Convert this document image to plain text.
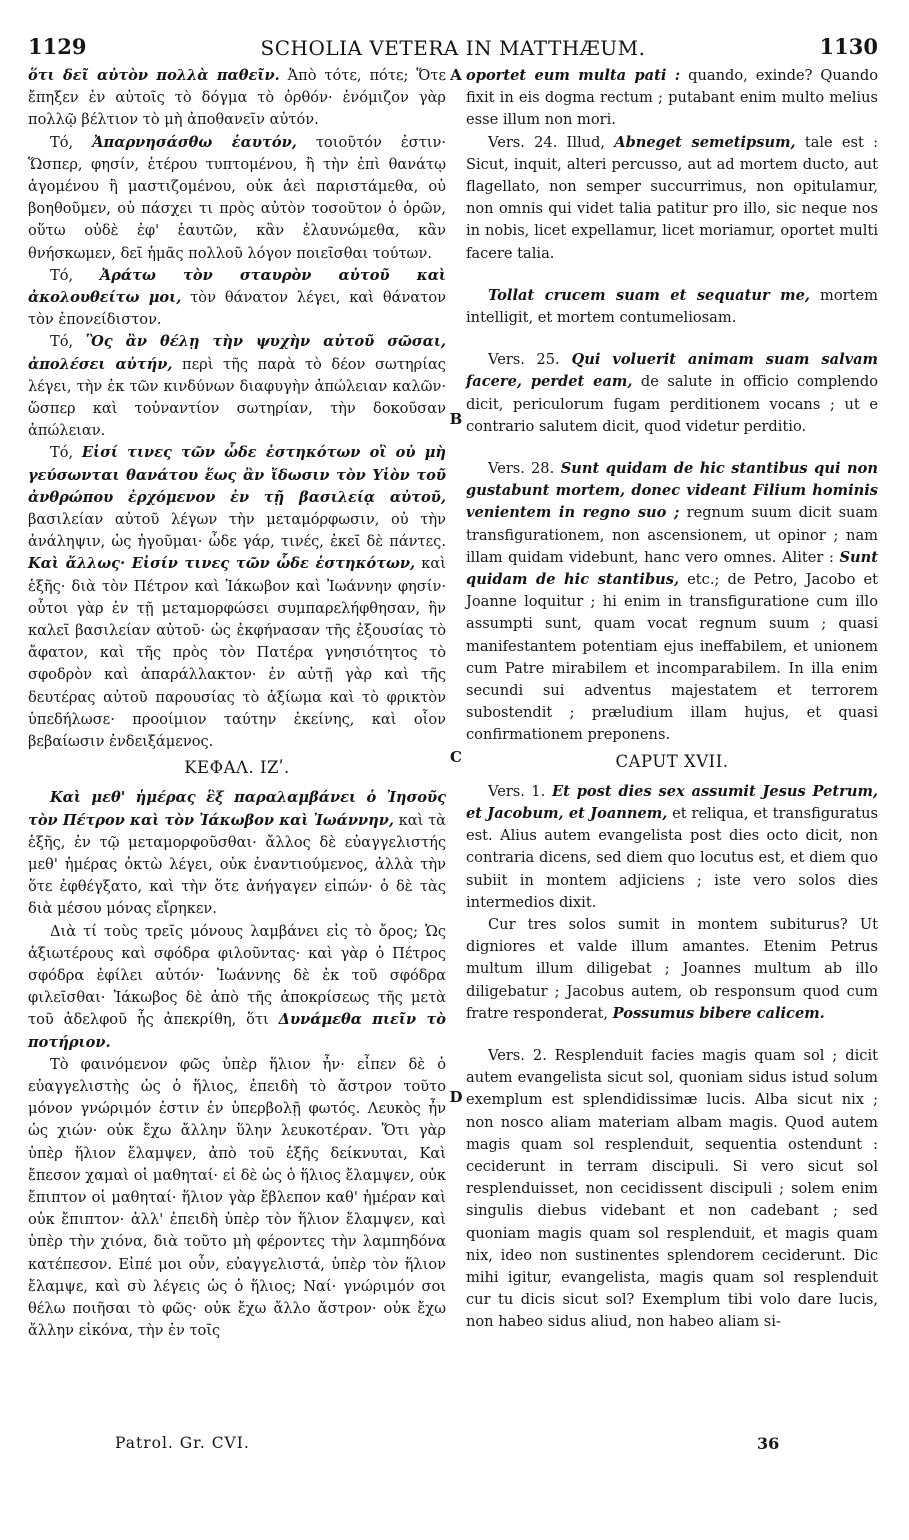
1129	SCHOLIA VETERA IN MATTHÆUM.	1130

ὅτι δεῖ αὐτὸν πολλὰ παθεῖν. Ἀπὸ τότε, πότε; Ὅτε ἔπηξεν ἐν αὐτοῖς τὸ δόγμα τὸ ὀρθόν· ἐνόμιζον γὰρ πολλῷ βέλτιον τὸ μὴ ἀποθανεῖν αὐτόν.

Τό, Ἀπαρνησάσθω ἑαυτόν, τοιοῦτόν ἐστιν· Ὥσπερ, φησίν, ἑτέρου τυπτομένου, ἢ τὴν ἐπὶ θανάτῳ ἀγομένου ἢ μαστιζομένου, οὐκ ἀεὶ παριστάμεθα, οὐ βοηθοῦμεν, οὐ πάσχει τι πρὸς αὐτὸν τοσοῦτον ὁ ὁρῶν, οὕτω οὐδὲ ἐφ' ἑαυτῶν, κἂν ἐλαυνώμεθα, κἂν θνήσκωμεν, δεῖ ἡμᾶς πολλοῦ λόγον ποιεῖσθαι τούτων.

Τό, Ἀράτω τὸν σταυρὸν αὐτοῦ καὶ ἀκολουθείτω μοι, τὸν θάνατον λέγει, καὶ θάνατον τὸν ἐπονείδιστον.

Τό, Ὃς ἂν θέλῃ τὴν ψυχὴν αὐτοῦ σῶσαι, ἀπολέσει αὐτήν, περὶ τῆς παρὰ τὸ δέον σωτηρίας λέγει, τὴν ἐκ τῶν κινδύνων διαφυγὴν ἀπώλειαν καλῶν· ὥσπερ καὶ τοὐναντίον σωτηρίαν, τὴν δοκοῦσαν ἀπώλειαν.

Τό, Εἰσί τινες τῶν ὧδε ἑστηκότων οἳ οὐ μὴ γεύσωνται θανάτου ἕως ἂν ἴδωσιν τὸν Υἱὸν τοῦ ἀνθρώπου ἐρχόμενον ἐν τῇ βασιλείᾳ αὐτοῦ, βασιλείαν αὐτοῦ λέγων τὴν μεταμόρφωσιν, οὐ τὴν ἀνάληψιν, ὡς ἡγοῦμαι· ὧδε γάρ, τινές, ἐκεῖ δὲ πάντες. Καὶ ἄλλως· Εἰσίν τινες τῶν ὧδε ἑστηκότων, καὶ ἑξῆς· διὰ τὸν Πέτρον καὶ Ἰάκωβον καὶ Ἰωάννην φησίν· οὗτοι γὰρ ἐν τῇ μεταμορφώσει συμπαρελήφθησαν, ἣν καλεῖ βασιλείαν αὐτοῦ· ὡς ἐκφήνασαν τῆς ἐξουσίας τὸ ἄφατον, καὶ τῆς πρὸς τὸν Πατέρα γνησιότητος τὸ σφοδρὸν καὶ ἀπαράλλακτον· ἐν αὐτῇ γὰρ καὶ τῆς δευτέρας αὐτοῦ παρουσίας τὸ ἀξίωμα καὶ τὸ φρικτὸν ὑπεδήλωσε· προοίμιον ταύτην ἐκείνης, καὶ οἷον βεβαίωσιν ἐνδειξάμενος.

ΚΕΦΑΛ. ΙΖʹ.

Καὶ μεθ' ἡμέρας ἓξ παραλαμβάνει ὁ Ἰησοῦς τὸν Πέτρον καὶ τὸν Ἰάκωβον καὶ Ἰωάννην, καὶ τὰ ἑξῆς, ἐν τῷ μεταμορφοῦσθαι· ἄλλος δὲ εὐαγγελιστής μεθ' ἡμέρας ὀκτὼ λέγει, οὐκ ἐναντιούμενος, ἀλλὰ τὴν ὅτε ἐφθέγξατο, καὶ τὴν ὅτε ἀνήγαγεν εἰπών· ὁ δὲ τὰς διὰ μέσου μόνας εἴρηκεν.

Διὰ τί τοὺς τρεῖς μόνους λαμβάνει εἰς τὸ ὄρος; Ὡς ἀξιωτέρους καὶ σφόδρα φιλοῦντας· καὶ γὰρ ὁ Πέτρος σφόδρα ἐφίλει αὐτόν· Ἰωάννης δὲ ἐκ τοῦ σφόδρα φιλεῖσθαι· Ἰάκωβος δὲ ἀπὸ τῆς ἀποκρίσεως τῆς μετὰ τοῦ ἀδελφοῦ ἧς ἀπεκρίθη, ὅτι Δυνάμεθα πιεῖν τὸ ποτήριον.

Τὸ φαινόμενον φῶς ὑπὲρ ἥλιον ἦν· εἶπεν δὲ ὁ εὐαγγελιστὴς ὡς ὁ ἥλιος, ἐπειδὴ τὸ ἄστρον τοῦτο μόνον γνώριμόν ἐστιν ἐν ὑπερβολῇ φωτός. Λευκὸς ἦν ὡς χιών· οὐκ ἔχω ἄλλην ὕλην λευκοτέραν. Ὅτι γὰρ ὑπὲρ ἥλιον ἔλαμψεν, ἀπὸ τοῦ ἑξῆς δείκνυται, Καὶ ἔπεσον χαμαὶ οἱ μαθηταί· εἰ δὲ ὡς ὁ ἥλιος ἔλαμψεν, οὐκ ἔπιπτον οἱ μαθηταί· ἥλιον γὰρ ἔβλεπον καθ' ἡμέραν καὶ οὐκ ἔπιπτον· ἀλλ' ἐπειδὴ ὑπὲρ τὸν ἥλιον ἔλαμψεν, καὶ ὑπὲρ τὴν χιόνα, διὰ τοῦτο μὴ φέροντες τὴν λαμπηδόνα κατέπεσον. Εἰπέ μοι οὖν, εὐαγγελιστά, ὑπὲρ τὸν ἥλιον ἔλαμψε, καὶ σὺ λέγεις ὡς ὁ ἥλιος; Ναί· γνώριμόν σοι θέλω ποιῆσαι τὸ φῶς· οὐκ ἔχω ἄλλο ἄστρον· οὐκ ἔχω ἄλλην εἰκόνα, τὴν ἐν τοῖς

A
B
C
D

oportet eum multa pati : quando, exinde? Quando fixit in eis dogma rectum ; putabant enim multo melius esse illum non mori.

Vers. 24. Illud, Abneget semetipsum, tale est : Sicut, inquit, alteri percusso, aut ad mortem ducto, aut flagellato, non semper succurrimus, non opitulamur, non omnis qui videt talia patitur pro illo, sic neque nos in nobis, licet expellamur, licet moriamur, oportet multi facere talia.

Tollat crucem suam et sequatur me, mortem intelligit, et mortem contumeliosam.

Vers. 25. Qui voluerit animam suam salvam facere, perdet eam, de salute in officio complendo dicit, periculorum fugam perditionem vocans ; ut e contrario salutem dicit, quod videtur perditio.

Vers. 28. Sunt quidam de hic stantibus qui non gustabunt mortem, donec videant Filium hominis venientem in regno suo ; regnum suum dicit suam transfigurationem, non ascensionem, ut opinor ; nam illam quidam videbunt, hanc vero omnes. Aliter : Sunt quidam de hic stantibus, etc.; de Petro, Jacobo et Joanne loquitur ; hi enim in transfiguratione cum illo assumpti sunt, quam vocat regnum suum ; quasi manifestantem potentiam ejus ineffabilem, et unionem cum Patre mirabilem et incomparabilem. In illa enim secundi sui adventus majestatem et terrorem subostendit ; præludium illam hujus, et quasi confirmationem preponens.

CAPUT XVII.

Vers. 1. Et post dies sex assumit Jesus Petrum, et Jacobum, et Joannem, et reliqua, et transfiguratus est. Alius autem evangelista post dies octo dicit, non contraria dicens, sed diem quo locutus est, et diem quo subiit in montem adjiciens ; iste vero solos dies intermedios dixit.

Cur tres solos sumit in montem subiturus? Ut digniores et valde illum amantes. Etenim Petrus multum illum diligebat ; Joannes multum ab illo diligebatur ; Jacobus autem, ob responsum quod cum fratre responderat, Possumus bibere calicem.

Vers. 2. Resplenduit facies magis quam sol ; dicit autem evangelista sicut sol, quoniam sidus istud solum exemplum est splendidissimæ lucis. Alba sicut nix ; non nosco aliam materiam albam magis. Quod autem magis quam sol resplenduit, sequentia ostendunt : ceciderunt in terram discipuli. Si vero sicut sol resplenduisset, non cecidissent discipuli ; solem enim singulis diebus videbant et non cadebant ; sed quoniam magis quam sol resplenduit, et magis quam nix, ideo non sustinentes splendorem ceciderunt. Dic mihi igitur, evangelista, magis quam sol resplenduit cur tu dicis sicut sol? Exemplum tibi volo dare lucis, non habeo sidus aliud, non habeo aliam si-

Patrol. Gr. CVI.	36
